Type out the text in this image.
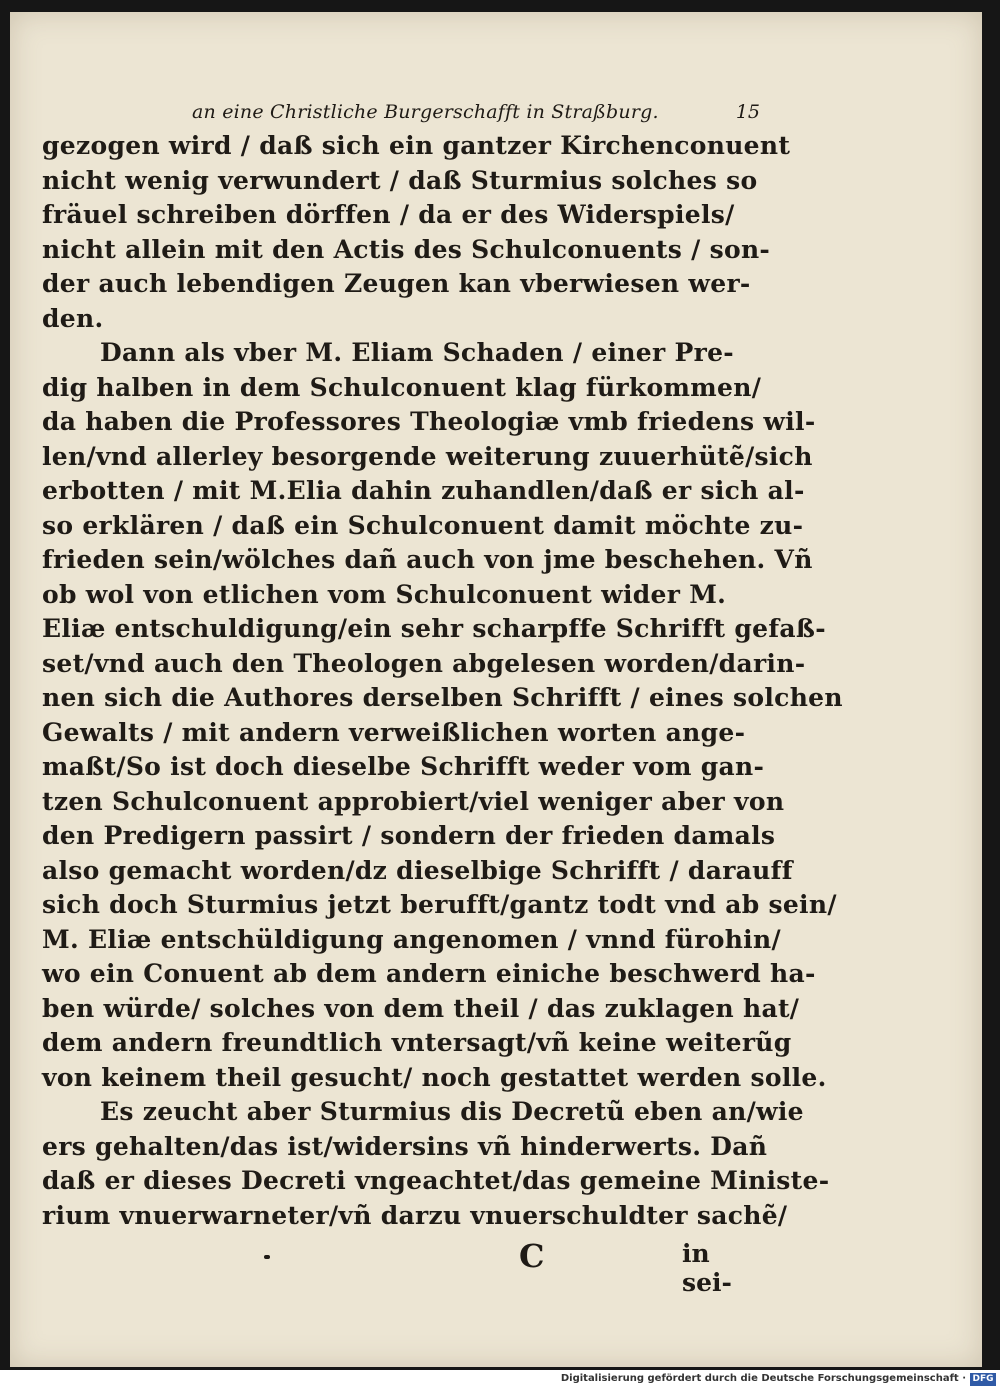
an eine Christliche Burgerschafft in Straßburg.	15
gezogen wird / daß sich ein gantzer Kirchenconuent
nicht wenig verwundert / daß Sturmius solches so
fräuel schreiben dörffen / da er des Widerspiels/
nicht allein mit den Actis des Schulconuents / son-
der auch lebendigen Zeugen kan vberwiesen wer-
den.
Dann als vber M. Eliam Schaden / einer Pre-
dig halben in dem Schulconuent klag fürkommen/
da haben die Professores Theologiæ vmb friedens wil-
len/vnd allerley besorgende weiterung zuuerhütẽ/sich
erbotten / mit M.Elia dahin zuhandlen/daß er sich al-
so erklären / daß ein Schulconuent damit möchte zu-
frieden sein/wölches dañ auch von jme beschehen. Vñ
ob wol von etlichen vom Schulconuent wider M.
Eliæ entschuldigung/ein sehr scharpffe Schrifft gefaß-
set/vnd auch den Theologen abgelesen worden/darin-
nen sich die Authores derselben Schrifft / eines solchen
Gewalts / mit andern verweißlichen worten ange-
maßt/So ist doch dieselbe Schrifft weder vom gan-
tzen Schulconuent approbiert/viel weniger aber von
den Predigern passirt / sondern der frieden damals
also gemacht worden/dz dieselbige Schrifft / darauff
sich doch Sturmius jetzt berufft/gantz todt vnd ab sein/
M. Eliæ entschüldigung angenomen / vnnd fürohin/
wo ein Conuent ab dem andern einiche beschwerd ha-
ben würde/ solches von dem theil / das zuklagen hat/
dem andern freundtlich vntersagt/vñ keine weiterũg
von keinem theil gesucht/ noch gestattet werden solle.
Es zeucht aber Sturmius dis Decretũ eben an/wie
ers gehalten/das ist/widersins vñ hinderwerts. Dañ
daß er dieses Decreti vngeachtet/das gemeine Ministe-
rium vnuerwarneter/vñ darzu vnuerschuldter sachẽ/
C	in sei-
Digitalisierung gefördert durch die Deutsche Forschungsgemeinschaft · DFG
